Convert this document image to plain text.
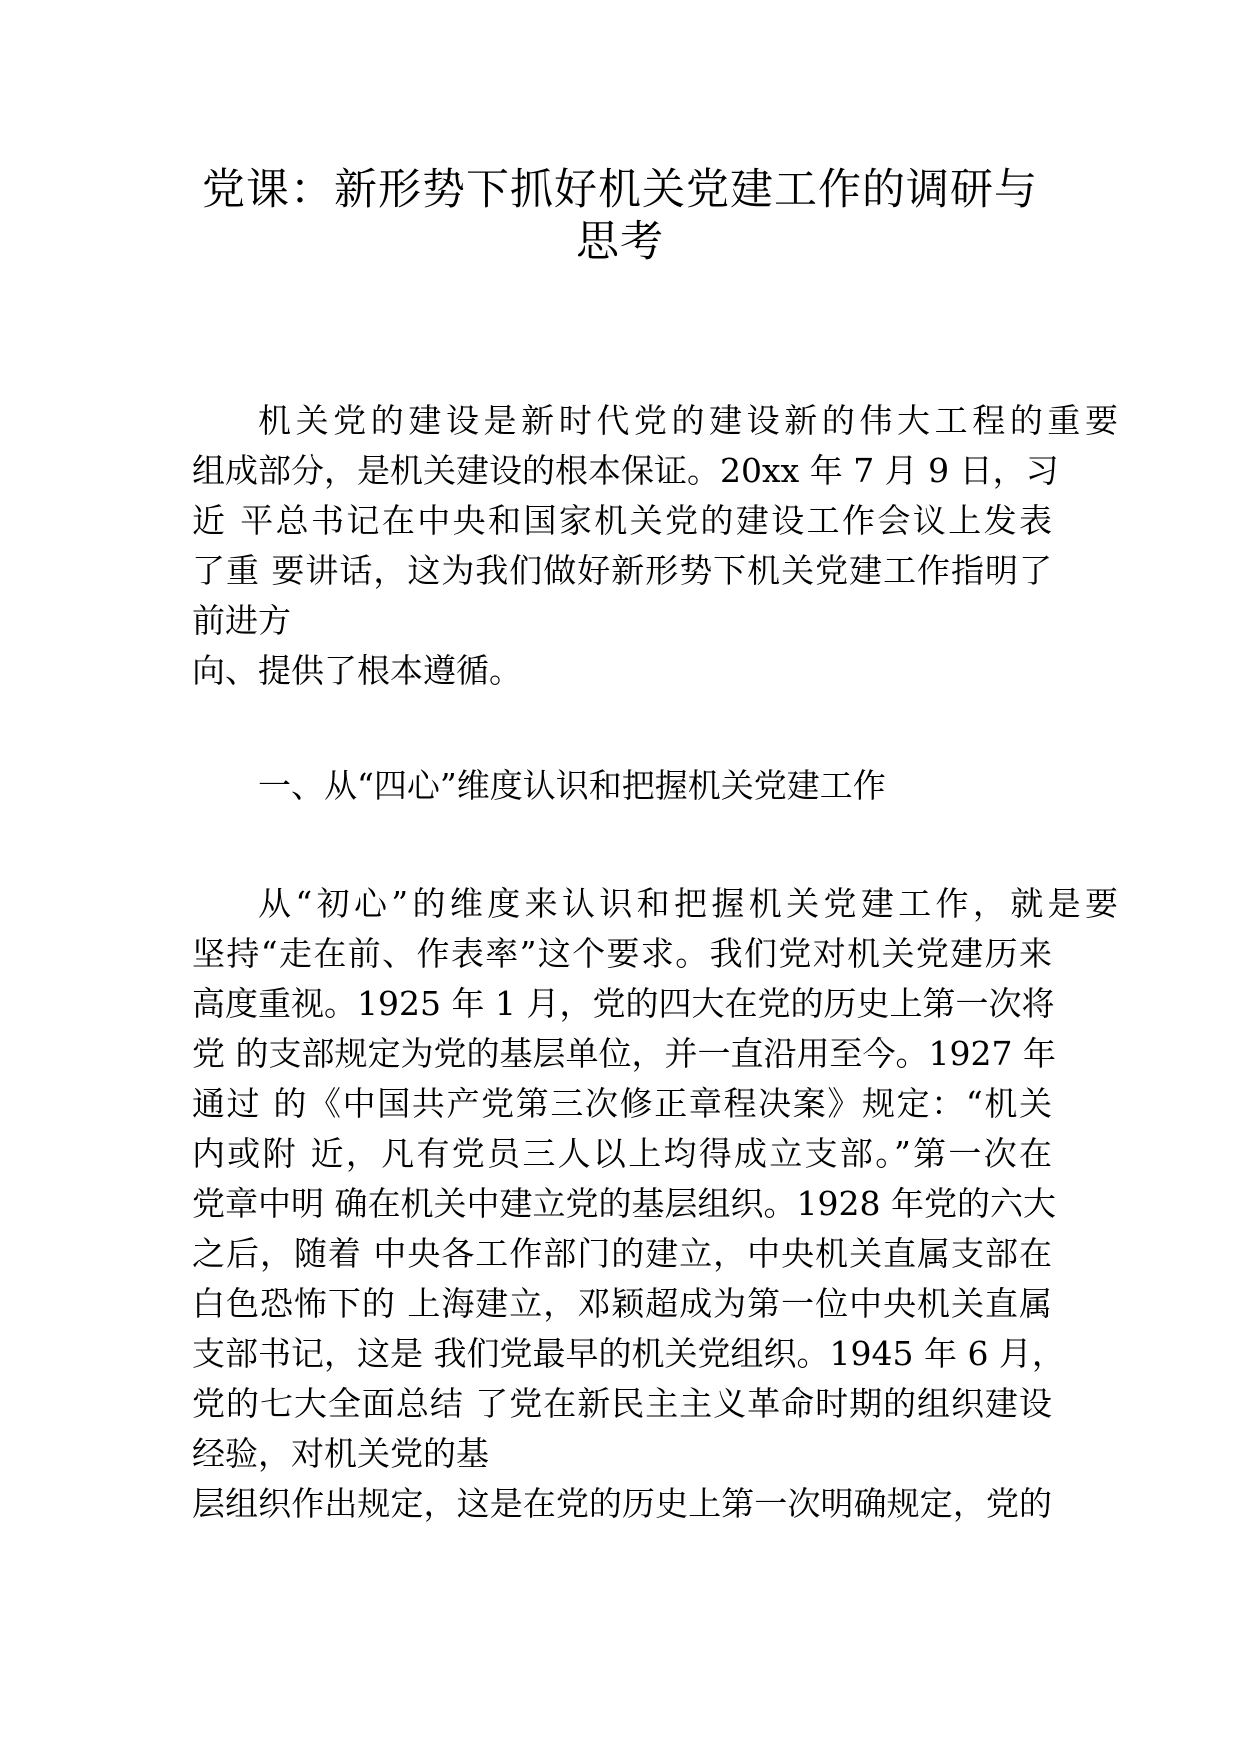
党课：新形势下抓好机关党建工作的调研与
思考

机关党的建设是新时代党的建设新的伟大工程的重要

组成部分，是机关建设的根本保证。20xx 年 7 月 9 日，习

近 平总书记在中央和国家机关党的建设工作会议上发表

了重 要讲话，这为我们做好新形势下机关党建工作指明了

前进方

向、提供了根本遵循。

一、从“四心”维度认识和把握机关党建工作

从“初心”的维度来认识和把握机关党建工作，就是要

坚持“走在前、作表率”这个要求。我们党对机关党建历来

高度重视。1925 年 1 月，党的四大在党的历史上第一次将

党 的支部规定为党的基层单位，并一直沿用至今。1927 年

通过 的《中国共产党第三次修正章程决案》规定：“机关

内或附 近，凡有党员三人以上均得成立支部。”第一次在

党章中明 确在机关中建立党的基层组织。1928 年党的六大

之后，随着 中央各工作部门的建立，中央机关直属支部在

白色恐怖下的 上海建立，邓颖超成为第一位中央机关直属

支部书记，这是 我们党最早的机关党组织。1945 年 6 月，

党的七大全面总结 了党在新民主主义革命时期的组织建设

经验，对机关党的基

层组织作出规定，这是在党的历史上第一次明确规定，党的
